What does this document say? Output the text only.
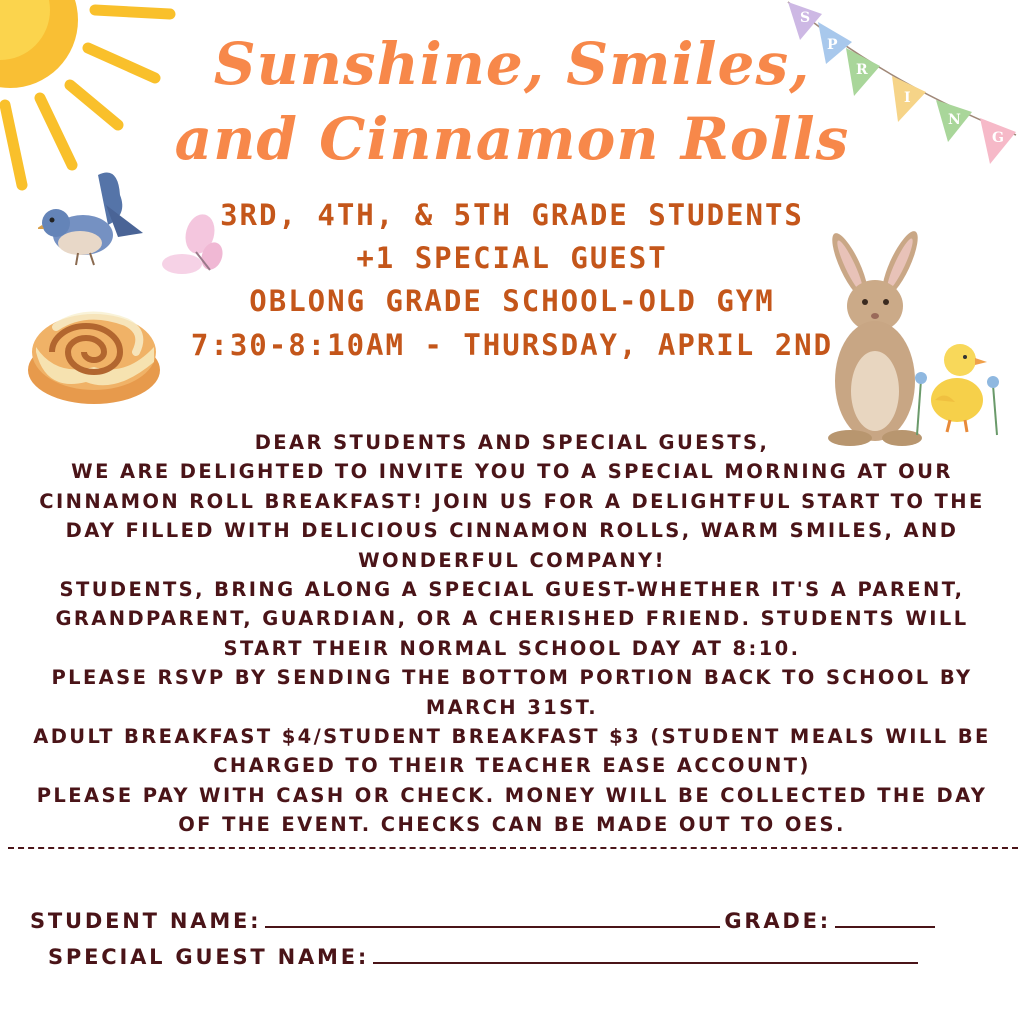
S
P
R
I
N
G
Sunshine, Smiles,
and Cinnamon Rolls
3RD, 4TH, & 5TH GRADE STUDENTS
+1 SPECIAL GUEST
OBLONG GRADE SCHOOL-OLD GYM
7:30-8:10AM - THURSDAY, APRIL 2ND
DEAR STUDENTS AND SPECIAL GUESTS,
WE ARE DELIGHTED TO INVITE YOU TO A SPECIAL MORNING AT OUR
CINNAMON ROLL BREAKFAST! JOIN US FOR A DELIGHTFUL START TO THE
DAY FILLED WITH DELICIOUS CINNAMON ROLLS, WARM SMILES, AND
WONDERFUL COMPANY!
STUDENTS, BRING ALONG A SPECIAL GUEST-WHETHER IT'S A PARENT,
GRANDPARENT, GUARDIAN, OR A CHERISHED FRIEND. STUDENTS WILL
START THEIR NORMAL SCHOOL DAY AT 8:10.
PLEASE RSVP BY SENDING THE BOTTOM PORTION BACK TO SCHOOL BY
MARCH 31ST.
ADULT BREAKFAST $4/STUDENT BREAKFAST $3 (STUDENT MEALS WILL BE
CHARGED TO THEIR TEACHER EASE ACCOUNT)
PLEASE PAY WITH CASH OR CHECK. MONEY WILL BE COLLECTED THE DAY
OF THE EVENT. CHECKS CAN BE MADE OUT TO OES.
STUDENT NAME:	GRADE:
SPECIAL GUEST NAME:
